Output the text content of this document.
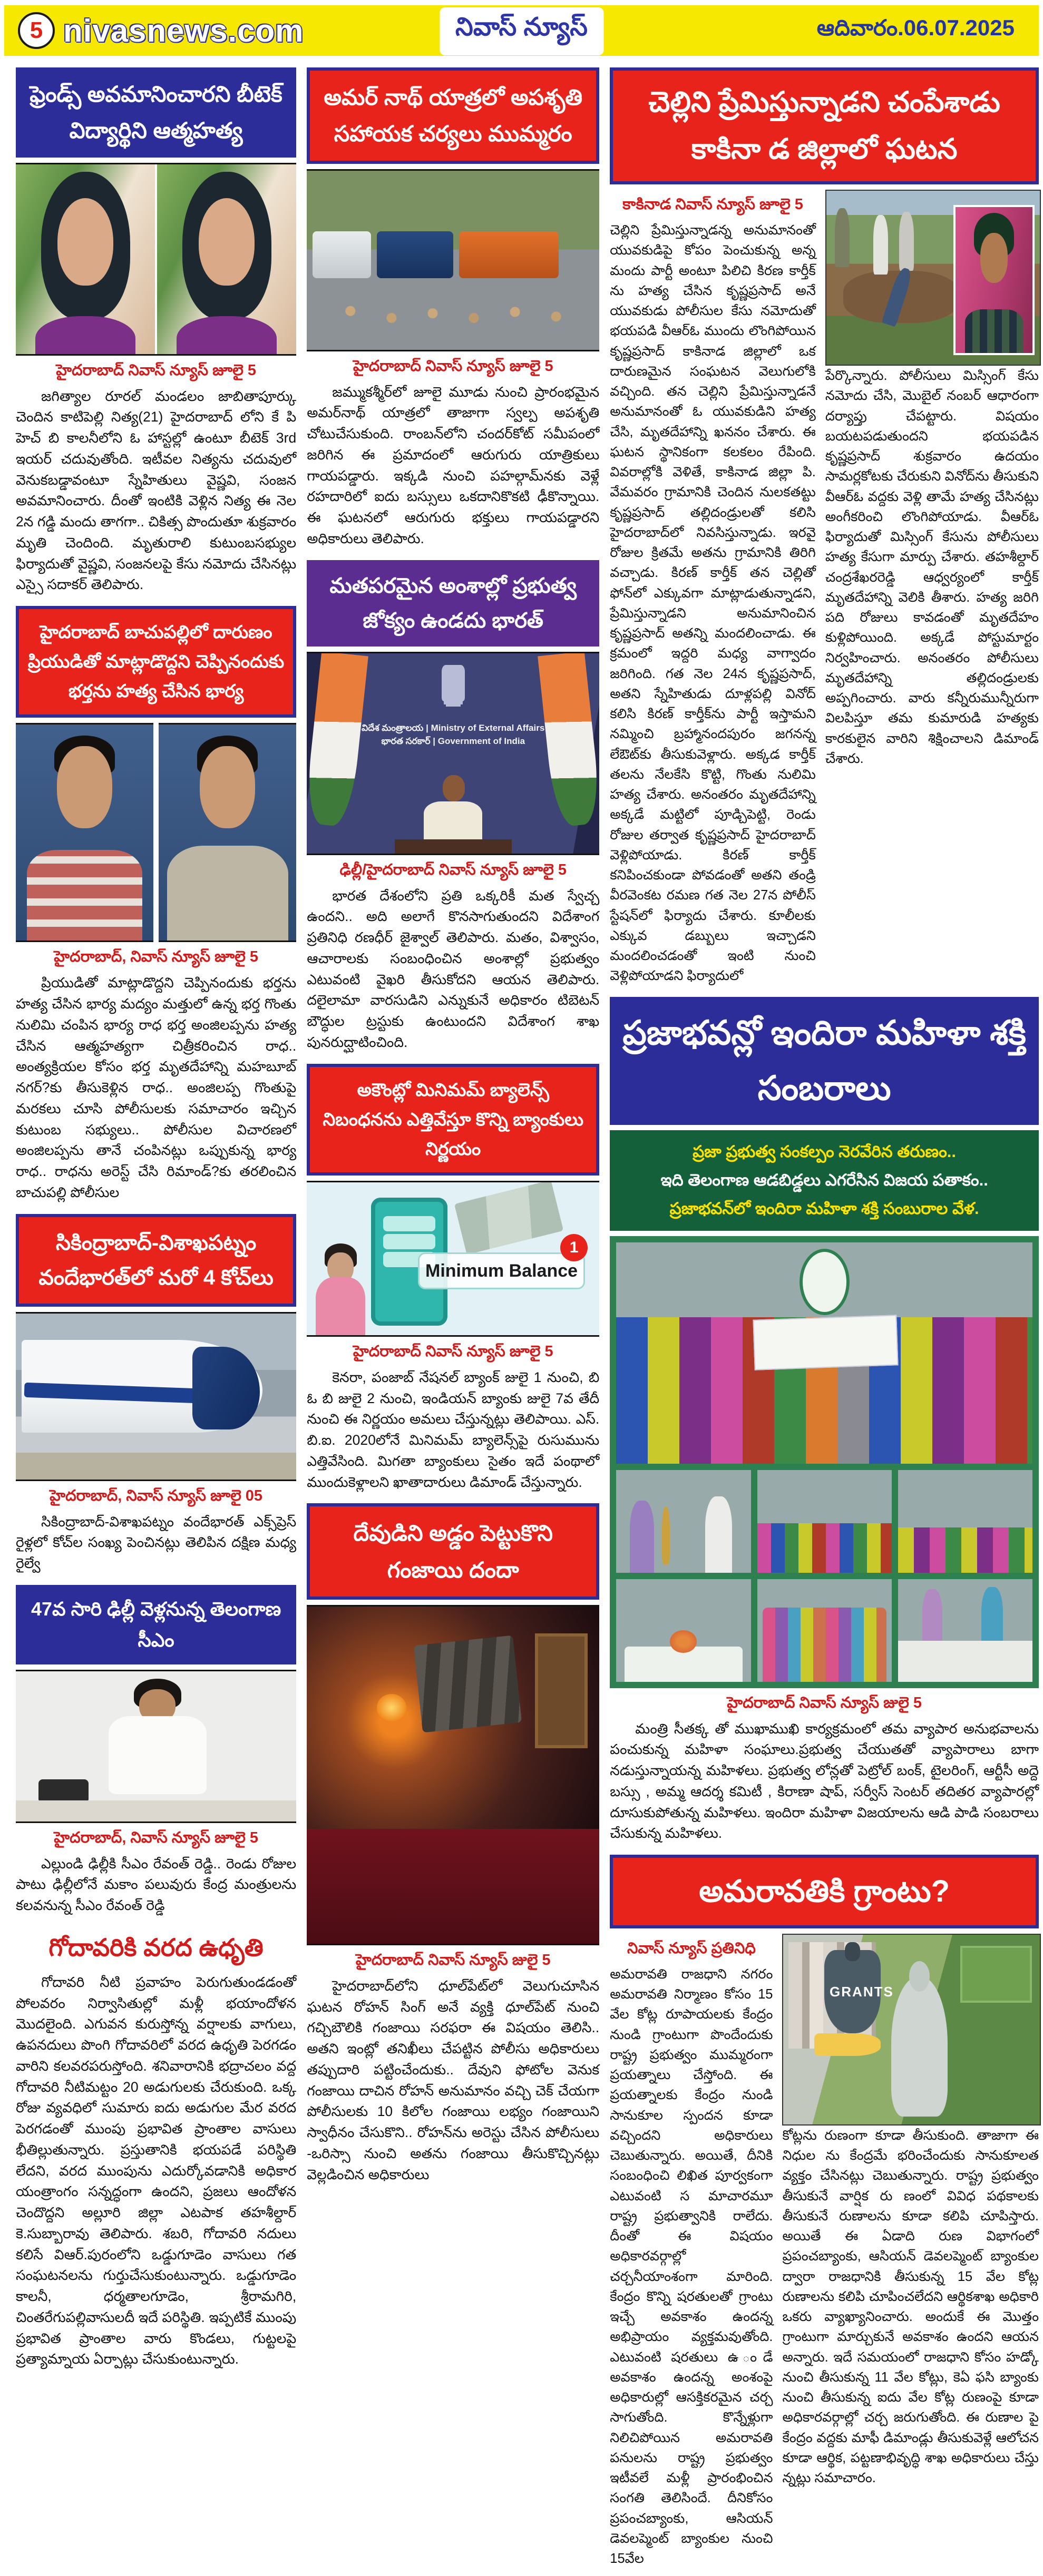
5 nivasnews.com	నివాస్ న్యూస్	ఆదివారం.06.07.2025
ఫ్రెండ్స్ అవమానించారని బీటెక్ విద్యార్థిని ఆత్మహత్య
హైదరాబాద్ నివాస్ న్యూస్ జూలై 5

జగిత్యాల రూరల్ మండలం జాబితాపూర్కు చెందిన కాటిపెల్లి నిత్య(21) హైదరాబాద్ లోని కే పి హెచ్ బి కాలనీలోని ఓ హాస్టల్లో ఉంటూ బీటెక్ 3rd ఇయర్ చదువుతోంది. ఇటీవల నిత్యను చదువులో వెనుకబడ్డావంటూ స్నేహితులు వైష్ణవి, సంజన అవమానించారు. దీంతో ఇంటికి వెళ్లిన నిత్య ఈ నెల 2న గడ్డి మందు తాగగా.. చికిత్స పొందుతూ శుక్రవారం మృతి చెందింది. మృతురాలి కుటుంబసభ్యుల ఫిర్యాదుతో వైష్ణవి, సంజనలపై కేసు నమోదు చేసినట్లు ఎస్సై సదాకర్ తెలిపారు.

హైదరాబాద్ బాచుపల్లిలో దారుణం ప్రియుడితో మాట్లాడొద్దని చెప్పినందుకు భర్తను హత్య చేసిన భార్య
హైదరాబాద్, నివాస్ న్యూస్ జూలై 5

ప్రియుడితో మాట్లాడొద్దని చెప్పినందుకు భర్తను హత్య చేసిన భార్య మద్యం మత్తులో ఉన్న భర్త గొంతు నులిమి చంపిన భార్య రాధ భర్త అంజిలప్పను హత్య చేసిన ఆత్మహత్యగా చిత్రీకరించిన రాధ.. అంత్యక్రియల కోసం భర్త మృతదేహాన్ని మహబూబ్ నగర్?కు తీసుకెళ్లిన రాధ.. అంజిలప్ప గొంతుపై మరకలు చూసి పోలీసులకు సమాచారం ఇచ్చిన కుటుంబ సభ్యులు.. పోలీసుల విచారణలో అంజిలప్పను తానే చంపినట్లు ఒప్పుకున్న భార్య రాధ.. రాధను అరెస్ట్ చేసి రిమాండ్?కు తరలించిన బాచుపల్లి పోలీసుల

సికింద్రాబాద్-విశాఖపట్నం వందేభారత్‌లో మరో 4 కోచ్‌లు
హైదరాబాద్, నివాస్ న్యూస్ జూలై 05

సికింద్రాబాద్-విశాఖపట్నం వందేభారత్ ఎక్స్‌ప్రెస్ రైళ్లలో కోచ్‌ల సంఖ్య పెంచినట్లు తెలిపిన దక్షిణ మధ్య రైల్వే

47వ సారి ఢిల్లీ వెళ్లనున్న తెలంగాణ సీఎం
హైదరాబాద్, నివాస్ న్యూస్ జూలై 5

ఎల్లుండి ఢిల్లీకి సీఎం రేవంత్ రెడ్డి.. రెండు రోజుల పాటు ఢిల్లీలోనే మకాం పలువురు కేంద్ర మంత్రులను కలవనున్న సీఎం రేవంత్ రెడ్డి

గోదావరికి వరద ఉధృతి

గోదావరి నీటి ప్రవాహం పెరుగుతుండడంతో పోలవరం నిర్వాసితుల్లో మళ్లీ భయాందోళన మొదలైంది. ఎగువన కురుస్తోన్న వర్షాలకు వాగులు, ఉపనదులు పొంగి గోదావరిలో వరద ఉధృతి పెరగడం వారిని కలవరపరుస్తోంది. శనివారానికి భద్రాచలం వద్ద గోదావరి నీటిమట్టం 20 అడుగులకు చేరుకుంది. ఒక్క రోజు వ్యవధిలో సుమారు ఐదు అడుగుల మేర వరద పెరగడంతో ముంపు ప్రభావిత ప్రాంతాల వాసులు భీతిల్లుతున్నారు. ప్రస్తుతానికి భయపడే పరిస్థితి లేదని, వరద ముంపును ఎదుర్కోవడానికి అధికార యంత్రాంగం సన్నద్ధంగా ఉందని, ప్రజలు ఆందోళన చెందొద్దని అల్లూరి జిల్లా ఎటపాక తహశీల్దార్ కె.సుబ్బారావు తెలిపారు. శబరి, గోదావరి నదులు కలిసే విఆర్.పురంలోని ఒడ్డుగూడెం వాసులు గత సంఘటనలను గుర్తుచేసుకుంటున్నారు. ఒడ్డుగూడెం కాలనీ, ధర్మతాలగూడెం, శ్రీరామగిరి, చింతరేగుపల్లివాసులదీ ఇదే పరిస్థితి. ఇప్పటికే ముంపు ప్రభావిత ప్రాంతాల వారు కొండలు, గుట్టలపై ప్రత్యామ్నాయ ఏర్పాట్లు చేసుకుంటున్నారు.

అమర్ నాథ్ యాత్రలో అపశృతి సహాయక చర్యలు ముమ్మరం
హైదరాబాద్ నివాస్ న్యూస్ జూలై 5

జమ్ముకశ్మీర్‌లో జూలై మూడు నుంచి ప్రారంభమైన అమర్‌నాథ్ యాత్రలో తాజాగా స్వల్ప అపశృతి చోటుచేసుకుంది. రాంబన్‌లోని చందర్‌కోట్ సమీపంలో జరిగిన ఈ ప్రమాదంలో ఆరుగురు యాత్రికులు గాయపడ్డారు. ఇక్కడి నుంచి పహల్గామ్‌నకు వెళ్లే రహదారిలో ఐదు బస్సులు ఒకదానికొకటి ఢీకొన్నాయి. ఈ ఘటనలో ఆరుగురు భక్తులు గాయపడ్డారని అధికారులు తెలిపారు.

మతపరమైన అంశాల్లో ప్రభుత్వ జోక్యం ఉండదు భారత్
విదేశ మంత్రాలయ | Ministry of External Affairs
భారత సరకార్ | Government of India
ఢిల్లీ/హైదరాబాద్ నివాస్ న్యూస్ జూలై 5

భారత దేశంలోని ప్రతి ఒక్కరికీ మత స్వేచ్చ ఉందని.. అది అలాగే కొనసాగుతుందని విదేశాంగ ప్రతినిధి రణధీర్ జైశ్వాల్ తెలిపారు. మతం, విశ్వాసం, ఆచారాలకు సంబంధించిన అంశాల్లో ప్రభుత్వం ఎటువంటి వైఖరి తీసుకోదని ఆయన తెలిపారు. దలైలామా వారసుడిని ఎన్నుకునే అధికారం టిబెటన్ బౌద్ధుల ట్రస్టుకు ఉంటుందని విదేశాంగ శాఖ పునరుద్ఘాటించింది.

అకౌంట్లో మినిమమ్ బ్యాలెన్స్ నిబంధనను ఎత్తివేస్తూ కొన్ని బ్యాంకులు నిర్ణయం
Minimum Balance
1
హైదరాబాద్ నివాస్ న్యూస్ జూలై 5

కెనరా, పంజాబ్ నేషనల్ బ్యాంక్ జులై 1 నుంచి, బి ఓ బి జులై 2 నుంచి, ఇండియన్ బ్యాంకు జులై 7వ తేదీ నుంచి ఈ నిర్ణయం అమలు చేస్తున్నట్లు తెలిపాయి. ఎస్. బి.ఐ. 2020లోనే మినిమమ్ బ్యాలెన్స్‌పై రుసుమును ఎత్తివేసింది. మిగతా బ్యాంకులు సైతం ఇదే పంథాలో ముందుకెళ్లాలని ఖాతాదారులు డిమాండ్ చేస్తున్నారు.

దేవుడిని అడ్డం పెట్టుకొని గంజాయి దందా
హైదరాబాద్ నివాస్ న్యూస్ జులై 5

హైదరాబాద్‌లోని ధూల్‌పేట్‌లో వెలుగుచూసిన ఘటన రోహన్ సింగ్ అనే వ్యక్తి ధూల్‌పేట్ నుంచి గచ్చిబౌలికి గంజాయి సరఫరా ఈ విషయం తెలిసి.. అతని ఇంట్లో తనిఖీలు చేపట్టిన పోలీసు అధికారులు తప్పుదారి పట్టించేందుకు.. దేవుని ఫోటోల వెనుక గంజాయి దాచిన రోహన్ అనుమానం వచ్చి చెక్ చేయగా పోలీసులకు 10 కిలోల గంజాయి లభ్యం గంజాయిని స్వాధీనం చేసుకొని.. రోహన్‌ను అరెస్టు చేసిన పోలీసులు -ఒరిస్సా నుంచి అతను గంజాయి తీసుకొచ్చినట్లు వెల్లడించిన అధికారులు

చెల్లిని ప్రేమిస్తున్నాడని చంపేశాడు కాకినా డ జిల్లాలో ఘటన
కాకినాడ నివాస్ న్యూస్ జూలై 5

చెల్లిని ప్రేమిస్తున్నాడన్న అనుమానంతో యువకుడిపై కోపం పెంచుకున్న అన్న మందు పార్టీ అంటూ పిలిచి కిరణ కార్తీక్ ను హత్య చేసిన కృష్ణప్రసాద్ అనే యువకుడు పోలీసుల కేసు నమోదుతో భయపడి వీఆర్ఓ ముందు లొంగిపోయిన కృష్ణప్రసాద్ కాకినాడ జిల్లాలో ఒక దారుణమైన సంఘటన వెలుగులోకి వచ్చింది. తన చెల్లిని ప్రేమిస్తున్నాడనే అనుమానంతో ఓ యువకుడిని హత్య చేసి, మృతదేహాన్ని ఖననం చేశారు. ఈ ఘటన స్థానికంగా కలకలం రేపింది. వివరాల్లోకి వెళితే, కాకినాడ జిల్లా పి. వేమవరం గ్రామానికి చెందిన నులకతట్టు కృష్ణప్రసాద్ తల్లిదండ్రులతో కలిసి హైదరాబాద్‌లో నివసిస్తున్నాడు. ఇరవై రోజుల క్రితమే అతను గ్రామానికి తిరిగి వచ్చాడు. కిరణ్ కార్తీక్ తన చెల్లితో ఫోన్‌లో ఎక్కువగా మాట్లాడుతున్నాడని, ప్రేమిస్తున్నాడని అనుమానించిన కృష్ణప్రసాద్ అతన్ని మందలించాడు. ఈ క్రమంలో ఇద్దరి మధ్య వాగ్వాదం జరిగింది. గత నెల 24న కృష్ణప్రసాద్, అతని స్నేహితుడు దూళ్లపల్లి వినోద్ కలిసి కిరణ్ కార్తీక్‌ను పార్టీ ఇస్తామని నమ్మించి బ్రహ్మానందపురం జగనన్న లేఔట్‌కు తీసుకువెళ్లారు. అక్కడ కార్తీక్ తలను నేలకేసి కొట్టి, గొంతు నులిమి హత్య చేశారు. అనంతరం మృతదేహాన్ని అక్కడే మట్టిలో పూడ్చిపెట్టి, రెండు రోజుల తర్వాత కృష్ణప్రసాద్ హైదరాబాద్ వెళ్లిపోయాడు. కిరణ్ కార్తీక్ కనిపించకుండా పోవడంతో అతని తండ్రి వీరవెంకట రమణ గత నెల 27న పోలీస్ స్టేషన్‌లో ఫిర్యాదు చేశారు. కూలీలకు ఎక్కువ డబ్బులు ఇచ్చాడని మందలించడంతో ఇంటి నుంచి వెళ్లిపోయాడని ఫిర్యాదులో

పేర్కొన్నారు. పోలీసులు మిస్సింగ్ కేసు నమోదు చేసి, మొబైల్ నంబర్ ఆధారంగా దర్యాప్తు చేపట్టారు. విషయం బయటపడుతుందని భయపడిన కృష్ణప్రసాద్ శుక్రవారం ఉదయం సామర్లకోటకు చేరుకుని వినోద్‌ను తీసుకుని వీఆర్ఓ వద్దకు వెళ్లి తామే హత్య చేసినట్లు అంగీకరించి లొంగిపోయాడు. వీఆర్ఓ ఫిర్యాదుతో మిస్సింగ్ కేసును పోలీసులు హత్య కేసుగా మార్పు చేశారు. తహశీల్దార్ చంద్రశేఖరరెడ్డి ఆధ్వర్యంలో కార్తీక్ మృతదేహాన్ని వెలికి తీశారు. హత్య జరిగి పది రోజులు కావడంతో మృతదేహం కుళ్లిపోయింది. అక్కడే పోస్టుమార్టం నిర్వహించారు. అనంతరం పోలీసులు మృతదేహాన్ని తల్లిదండ్రులకు అప్పగించారు. వారు కన్నీరుమున్నీరుగా విలపిస్తూ తమ కుమారుడి హత్యకు కారకులైన వారిని శిక్షించాలని డిమాండ్ చేశారు.

ప్రజాభవన్లో ఇందిరా మహిళా శక్తి సంబరాలు
ప్రజా ప్రభుత్వ సంకల్పం నెరవేరిన తరుణం..
ఇది తెలంగాణ ఆడబిడ్డలు ఎగరేసిన విజయ పతాకం..
ప్రజాభవన్‌లో ఇందిరా మహిళా శక్తి సంబురాల వేళ.
హైదరాబాద్ నివాస్ న్యూస్ జులై 5

మంత్రి సీతక్క తో ముఖాముఖి కార్యక్రమంలో తమ వ్యాపార అనుభవాలను పంచుకున్న మహిళా సంఘాలు.ప్రభుత్వ చేయుతతో వ్యాపారాలు బాగా నడుస్తున్నాయన్న మహిళలు. ప్రభుత్వ లోన్లతో పెట్రోల్ బంక్, టైలరింగ్, ఆర్టీసీ అద్దె బస్సు , అమ్మ ఆదర్శ కమిటీ , కిరాణా షాప్, సర్వీస్ సెంటర్ తదితర వ్యాపారల్లో దూసుకుపోతున్న మహిళలు. ఇందిరా మహిళా విజయాలను ఆడి పాడి సంబరాలు చేసుకున్న మహిళలు.

అమరావతికి గ్రాంటు?
నివాస్ న్యూస్ ప్రతినిధి

అమరావతి రాజధాని నగరం అమరావతి నిర్మాణం కోసం 15 వేల కోట్ల రూపాయలకు కేంద్రం నుండి గ్రాంటుగా పొందేందుకు రాష్ట్ర ప్రభుత్వం ముమ్మరంగా ప్రయత్నాలు చేస్తోంది. ఈ ప్రయత్నాలకు కేంద్రం నుండి సానుకూల స్పందన కూడా వచ్చిందని అధికారులు చెబుతున్నారు. అయితే, దీనికి సంబంధించి లిఖిత పూర్వకంగా ఎటువంటి స మాచారమూ రాష్ట్ర ప్రభుత్వానికి రాలేదు. దీంతో ఈ విషయం అధికారవర్గాల్లో చర్చనీయాంశంగా మారింది. కేంద్రం కొన్ని షరతులతో గ్రాంటు ఇచ్చే అవకాశం ఉందన్న అభిప్రాయం వ్యక్తమవుతోంది. ఎటువంటి షరతులు ఉ ండే అవకాశం ఉందన్న అంశంపై అధికారుల్లో ఆసక్తికరమైన చర్చ సాగుతోంది. కొన్నేళ్లుగా నిలిచిపోయిన అమరావతి పనులను రాష్ట్ర ప్రభుత్వం ఇటీవలే మళ్లీ ప్రారంభించిన సంగతి తెలిసిందే. దీనికోసం ప్రపంచబ్యాంకు, ఆసియన్ డెవలప్మెంట్ బ్యాంకుల నుంచి 15వేల

GRANTS

కోట్లను రుణంగా కూడా తీసుకుంది. తాజాగా ఈ నిధుల ను కేంద్రమే భరించేందుకు సానుకూలత వ్యక్తం చేసినట్లు చెబుతున్నారు. రాష్ట్ర ప్రభుత్వం తీసుకునే వార్షిక రు ణంలో వివిధ పథకాలకు తీసుకునే రుణాలను కూడా కలిపి చూపిస్తారు. అయితే ఈ ఏడాది రుణ విభాగంలో ప్రపంచబ్యాంకు, ఆసియన్ డెవలప్మెంట్ బ్యాంకుల ద్వారా రాజధానికి తీసుకున్న 15 వేల కోట్ల రుణాలను కలిపి చూపించలేదని ఆర్థికశాఖ అధికారి ఒకరు వ్యాఖ్యానించారు. అందుకే ఈ మొత్తం గ్రాంటుగా మార్చుకునే అవకాశం ఉందని ఆయన అన్నారు. ఇదే సమయంలో రాజధాని కోసం హడ్కో నుంచి తీసుకున్న 11 వేల కోట్లు, కెఏ ఫసి బ్యాంకు నుంచి తీసుకున్న ఐదు వేల కోట్ల రుణంపై కూడా అధికారవర్గాల్లో చర్చ జరుగుతోంది. ఈ రుణాల పై కేంద్రం వద్దకు మాఫీ డిమాండ్లు తీసుకువెళ్లే ఆలోచన కూడా ఆర్థిక, పట్టణాభివృద్ధి శాఖ అధికారులు చేస్తు న్నట్లు సమాచారం.
